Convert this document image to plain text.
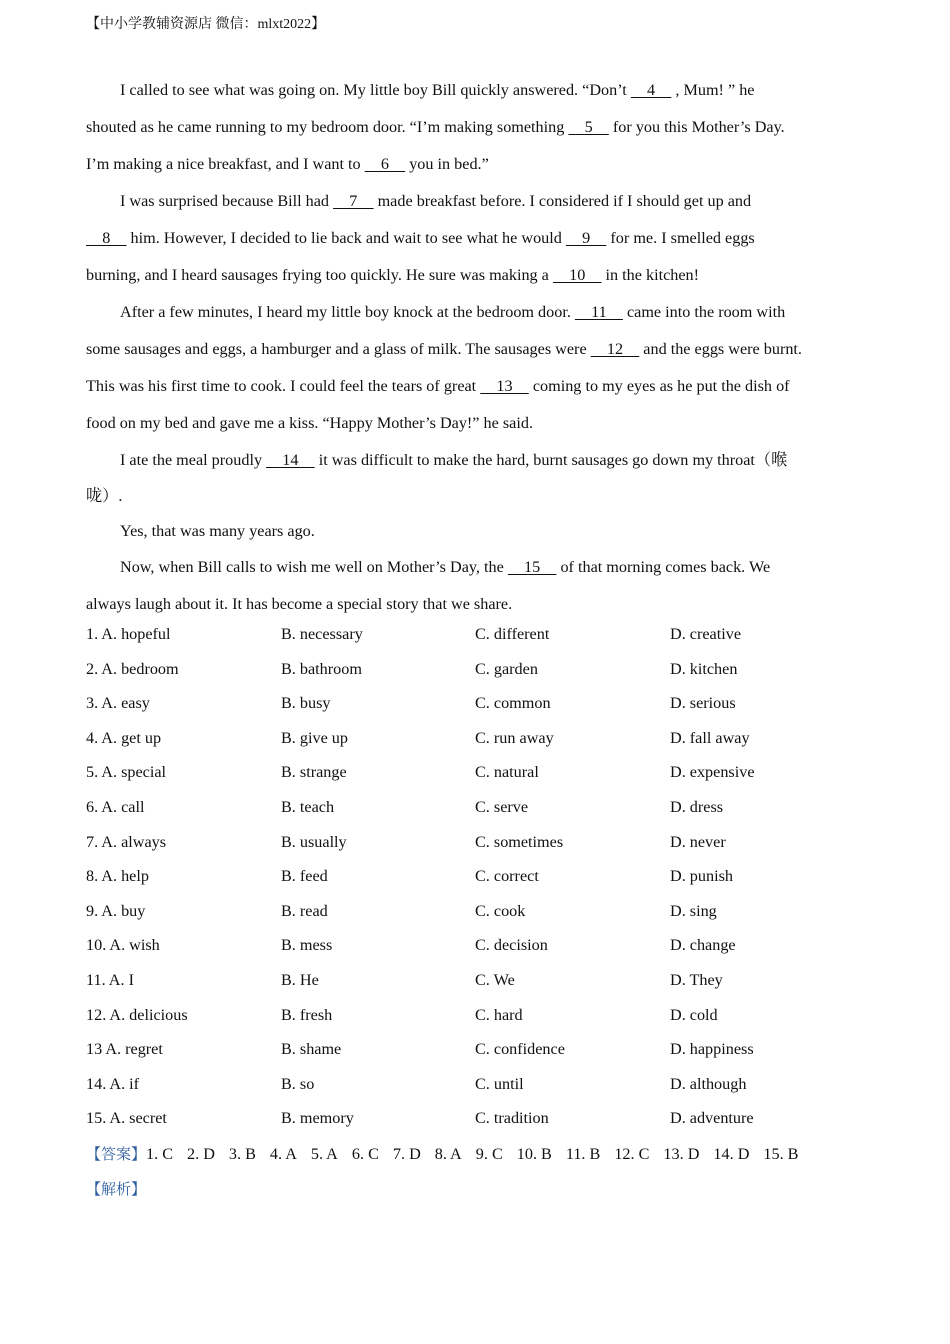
【中小学教辅资源店 微信：mlxt2022】
I called to see what was going on. My little boy Bill quickly answered. “Don’t     4     , Mum! ” he
shouted as he came running to my bedroom door. “I’m making something     5     for you this Mother’s Day.
I’m making a nice breakfast, and I want to     6     you in bed.”
I was surprised because Bill had     7     made breakfast before. I considered if I should get up and
8     him. However, I decided to lie back and wait to see what he would     9     for me. I smelled eggs
burning, and I heard sausages frying too quickly. He sure was making a     10     in the kitchen!
After a few minutes, I heard my little boy knock at the bedroom door.     11     came into the room with
some sausages and eggs, a hamburger and a glass of milk. The sausages were     12     and the eggs were burnt.
This was his first time to cook. I could feel the tears of great     13     coming to my eyes as he put the dish of
food on my bed and gave me a kiss. “Happy Mother’s Day!” he said.
I ate the meal proudly     14     it was difficult to make the hard, burnt sausages go down my throat（喉
咙）.
Yes, that was many years ago.
Now, when Bill calls to wish me well on Mother’s Day, the     15     of that morning comes back. We
always laugh about it. It has become a special story that we share.
1. A. hopeful	B. necessary	C. different	D. creative
2. A. bedroom	B. bathroom	C. garden	D. kitchen
3. A. easy	B. busy	C. common	D. serious
4. A. get up	B. give up	C. run away	D. fall away
5. A. special	B. strange	C. natural	D. expensive
6. A. call	B. teach	C. serve	D. dress
7. A. always	B. usually	C. sometimes	D. never
8. A. help	B. feed	C. correct	D. punish
9. A. buy	B. read	C. cook	D. sing
10. A. wish	B. mess	C. decision	D. change
11. A. I	B. He	C. We	D. They
12. A. delicious	B. fresh	C. hard	D. cold
13 A. regret	B. shame	C. confidence	D. happiness
14. A. if	B. so	C. until	D. although
15. A. secret	B. memory	C. tradition	D. adventure
【答案】1. C 2. D 3. B 4. A 5. A 6. C 7. D 8. A 9. C 10. B 11. B 12. C 13. D 14. D 15. B
【解析】
